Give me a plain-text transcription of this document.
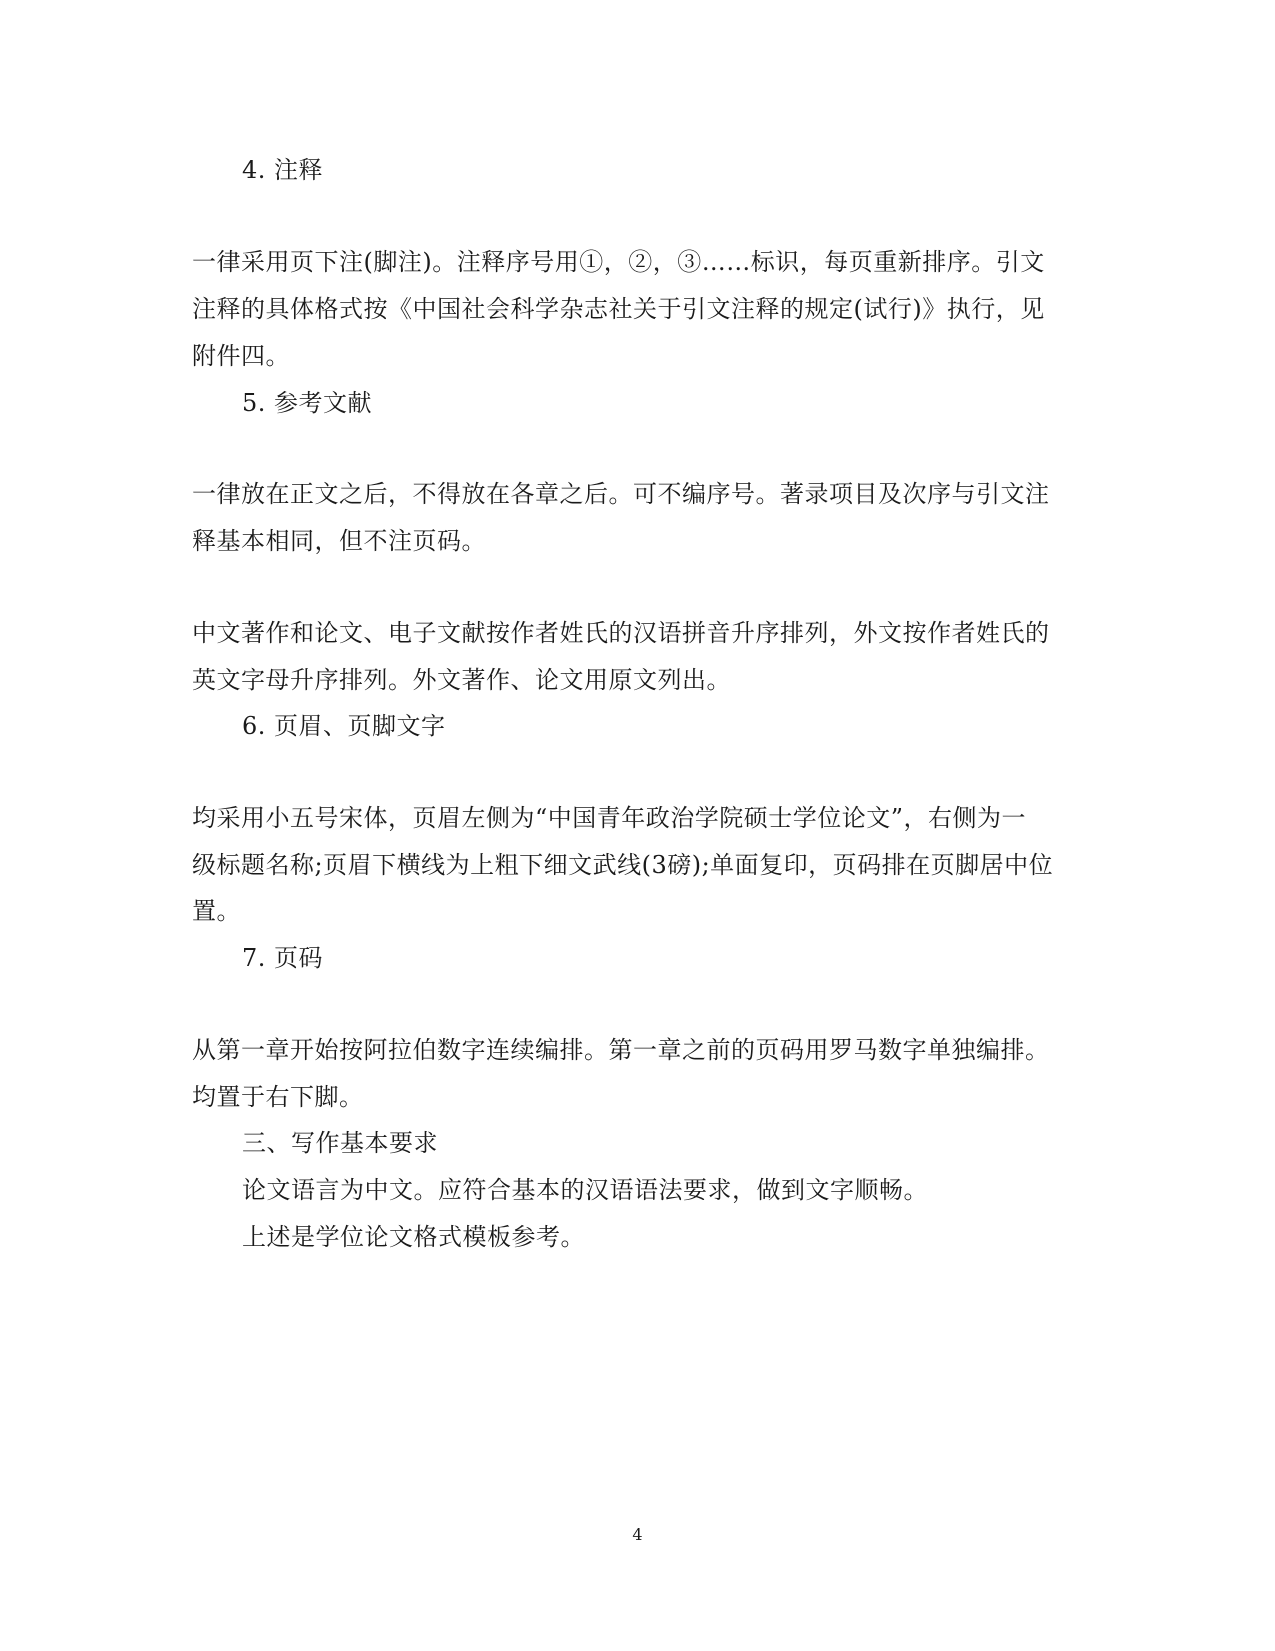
4. 注释
一律采用页下注(脚注)。注释序号用①，②，③……标识，每页重新排序。引文
注释的具体格式按《中国社会科学杂志社关于引文注释的规定(试行)》执行，见
附件四。
5. 参考文献
一律放在正文之后，不得放在各章之后。可不编序号。著录项目及次序与引文注
释基本相同，但不注页码。
中文著作和论文、电子文献按作者姓氏的汉语拼音升序排列，外文按作者姓氏的
英文字母升序排列。外文著作、论文用原文列出。
6. 页眉、页脚文字
均采用小五号宋体，页眉左侧为“中国青年政治学院硕士学位论文”，右侧为一
级标题名称;页眉下横线为上粗下细文武线(3磅);单面复印，页码排在页脚居中位
置。
7. 页码
从第一章开始按阿拉伯数字连续编排。第一章之前的页码用罗马数字单独编排。
均置于右下脚。
三、写作基本要求
论文语言为中文。应符合基本的汉语语法要求，做到文字顺畅。
上述是学位论文格式模板参考。
4
